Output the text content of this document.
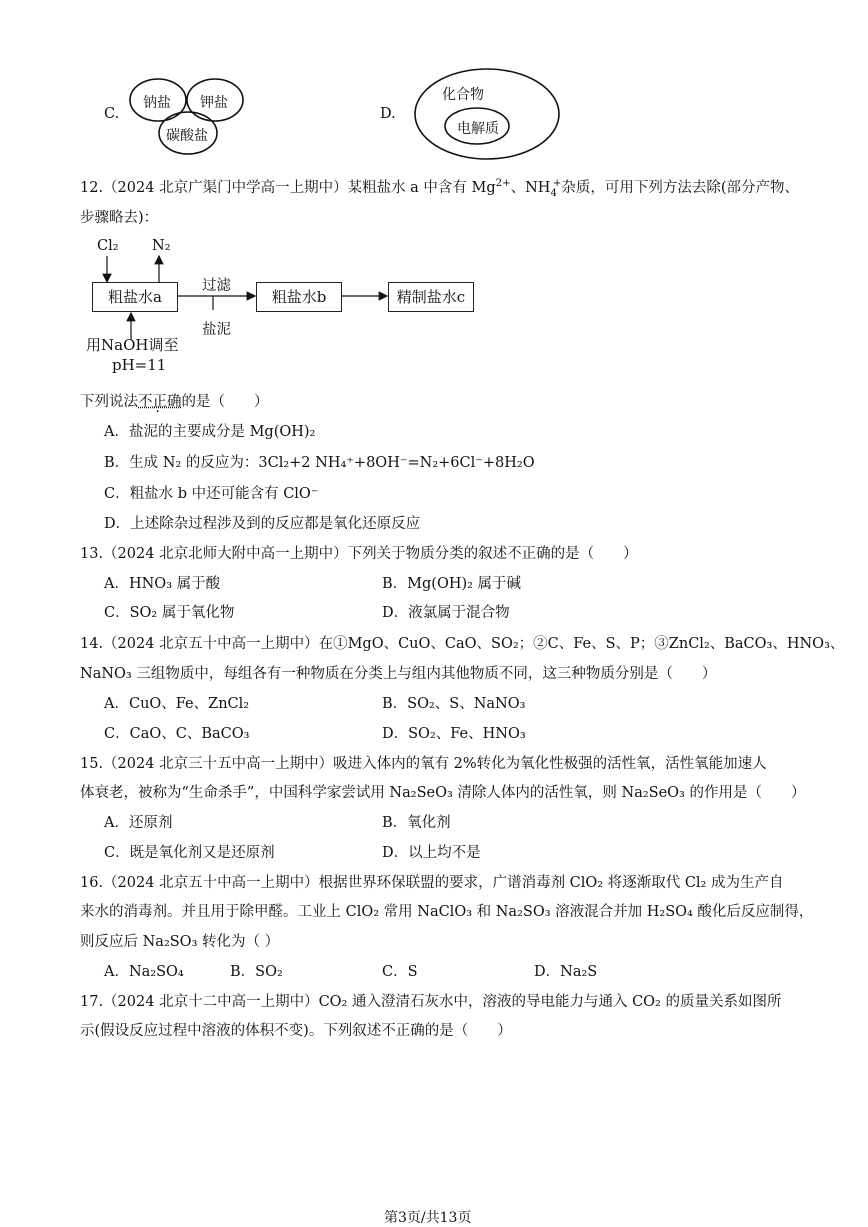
C.
钠盐 钾盐
碳酸盐
D.
化合物
电解质
12.（2024 北京广渠门中学高一上期中）某粗盐水 a 中含有 $Mg^{2+}$、$NH_4^+$杂质，可用下列方法去除(部分产物、
步骤略去)：
Cl₂ N₂
粗盐水a
过滤
盐泥
粗盐水b	精制盐水c
用NaOH调至
pH=11
下列说法不正确的是（　　）
A．盐泥的主要成分是 Mg(OH)₂
B．生成 N₂ 的反应为：3Cl₂+2 NH₄⁺+8OH⁻=N₂+6Cl⁻+8H₂O
C．粗盐水 b 中还可能含有 ClO⁻
D．上述除杂过程涉及到的反应都是氧化还原反应
13.（2024 北京北师大附中高一上期中）下列关于物质分类的叙述不正确的是（　　）
A．HNO₃ 属于酸	B．Mg(OH)₂ 属于碱
C．SO₂ 属于氧化物	D．液氯属于混合物
14.（2024 北京五十中高一上期中）在①MgO、CuO、CaO、SO₂；②C、Fe、S、P；③ZnCl₂、BaCO₃、HNO₃、
NaNO₃ 三组物质中，每组各有一种物质在分类上与组内其他物质不同，这三种物质分别是（　　）
A．CuO、Fe、ZnCl₂	B．SO₂、S、NaNO₃
C．CaO、C、BaCO₃	D．SO₂、Fe、HNO₃
15.（2024 北京三十五中高一上期中）吸进入体内的氧有 2%转化为氧化性极强的活性氧，活性氧能加速人
体衰老，被称为“生命杀手”，中国科学家尝试用 Na₂SeO₃ 清除人体内的活性氧，则 Na₂SeO₃ 的作用是（　　）
A．还原剂	B．氧化剂
C．既是氧化剂又是还原剂	D．以上均不是
16.（2024 北京五十中高一上期中）根据世界环保联盟的要求，广谱消毒剂 ClO₂ 将逐渐取代 Cl₂ 成为生产自
来水的消毒剂。并且用于除甲醛。工业上 ClO₂ 常用 NaClO₃ 和 Na₂SO₃ 溶液混合并加 H₂SO₄ 酸化后反应制得，
则反应后 Na₂SO₃ 转化为（ ）
A．Na₂SO₄	B．SO₂	C．S	D．Na₂S
17.（2024 北京十二中高一上期中）CO₂ 通入澄清石灰水中，溶液的导电能力与通入 CO₂ 的质量关系如图所
示(假设反应过程中溶液的体积不变)。下列叙述不正确的是（　　）
第3页/共13页
